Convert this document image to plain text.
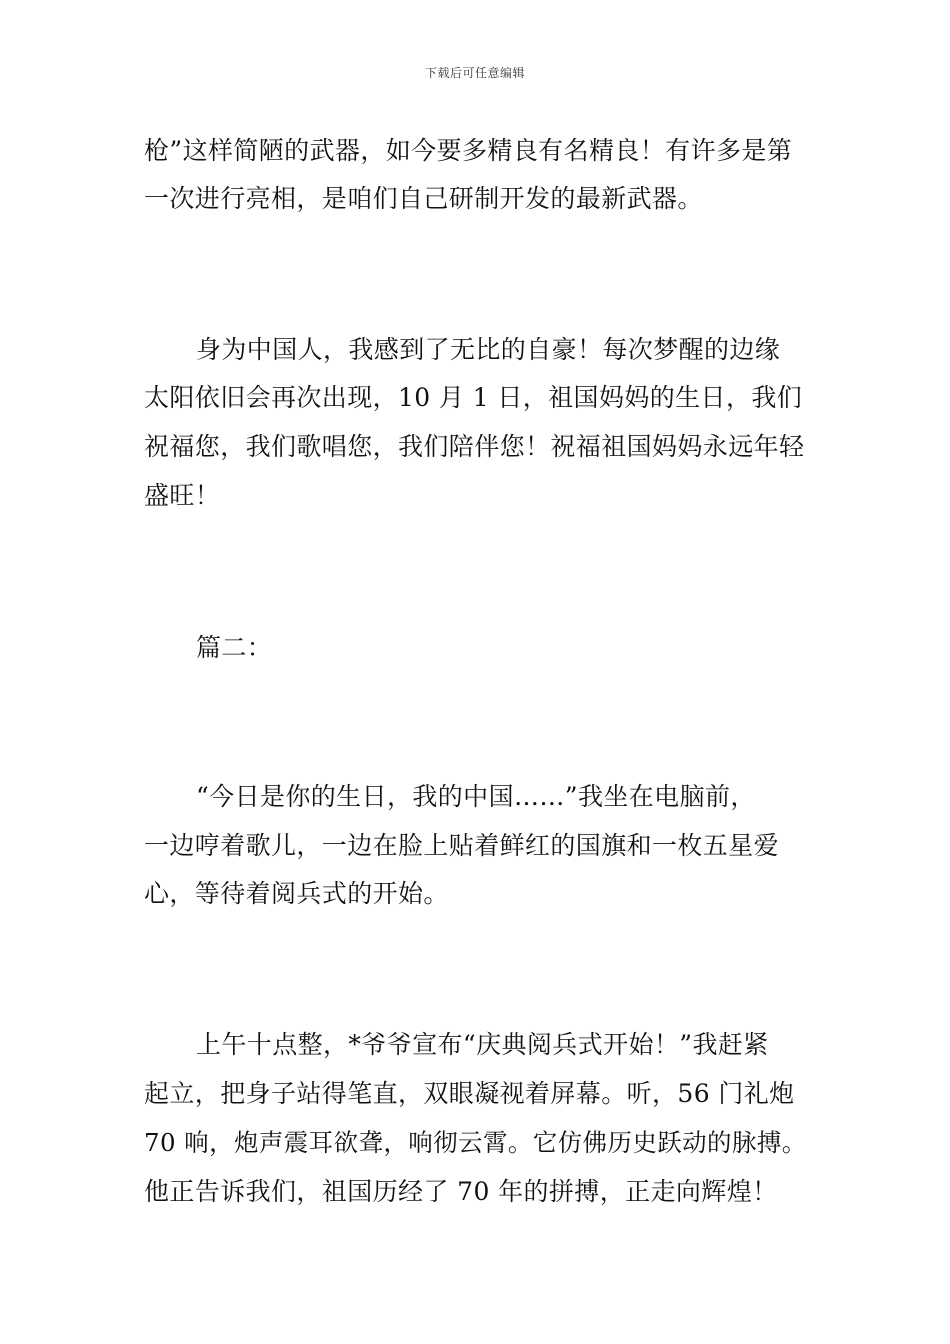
下载后可任意编辑
枪”这样简陋的武器，如今要多精良有名精良！有许多是第
一次进行亮相，是咱们自己研制开发的最新武器。
身为中国人，我感到了无比的自豪！每次梦醒的边缘
太阳依旧会再次出现，10 月 1 日，祖国妈妈的生日，我们
祝福您，我们歌唱您，我们陪伴您！祝福祖国妈妈永远年轻
盛旺！
篇二：
“今日是你的生日，我的中国……”我坐在电脑前，
一边哼着歌儿，一边在脸上贴着鲜红的国旗和一枚五星爱
心，等待着阅兵式的开始。
上午十点整，*爷爷宣布“庆典阅兵式开始！”我赶紧
起立，把身子站得笔直，双眼凝视着屏幕。听，56 门礼炮
70 响，炮声震耳欲聋，响彻云霄。它仿佛历史跃动的脉搏。
他正告诉我们，祖国历经了 70 年的拼搏，正走向辉煌！
